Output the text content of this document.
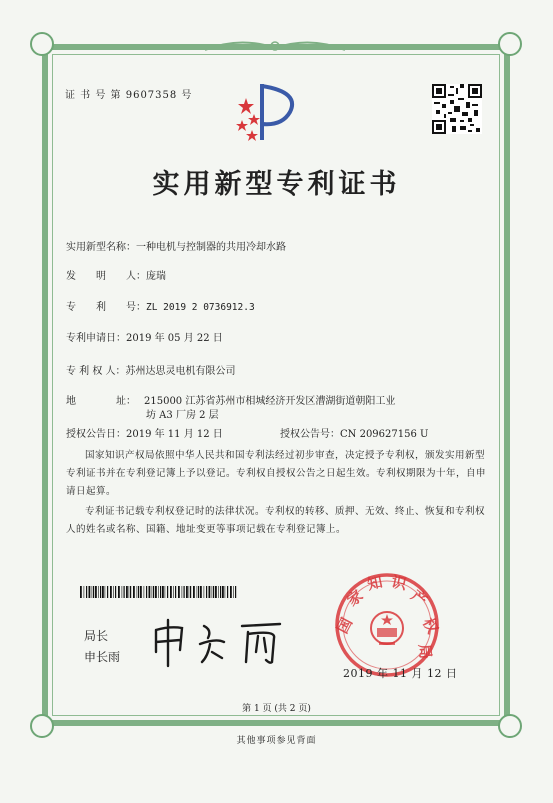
证 书 号 第 9607358 号
实用新型专利证书
实用新型名称：一种电机与控制器的共用冷却水路
发　　明　　人：庞瑞
专　　利　　号：ZL 2019 2 0736912.3
专利申请日：2019 年 05 月 22 日
专 利 权 人：苏州达思灵电机有限公司
地　　　　址： 215000 江苏省苏州市相城经济开发区漕湖街道朝阳工业
坊 A3 厂房 2 层
授权公告日：2019 年 11 月 12 日	授权公告号：CN 209627156 U

国家知识产权局依照中华人民共和国专利法经过初步审查，决定授予专利权，颁发实用新型专利证书并在专利登记簿上予以登记。专利权自授权公告之日起生效。专利权期限为十年，自申请日起算。

专利证书记载专利权登记时的法律状况。专利权的转移、质押、无效、终止、恢复和专利权人的姓名或名称、国籍、地址变更等事项记载在专利登记簿上。

局长
申长雨
国
家
知 识
产
权
局
2019 年 11 月 12 日
第 1 页 (共 2 页)
其他事项参见背面
